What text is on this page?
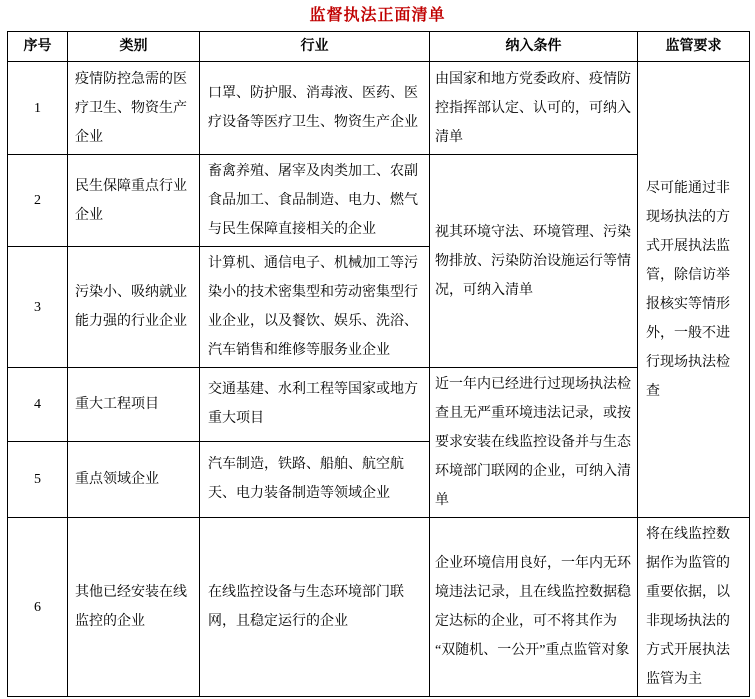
监督执法正面清单
序号	类别	行业	纳入条件	监管要求
1	疫情防控急需的医疗卫生、物资生产企业	口罩、防护服、消毒液、医药、医疗设备等医疗卫生、物资生产企业	由国家和地方党委政府、疫情防控指挥部认定、认可的，可纳入清单	尽可能通过非现场执法的方式开展执法监管，除信访举报核实等情形外，一般不进行现场执法检查
2	民生保障重点行业企业	畜禽养殖、屠宰及肉类加工、农副食品加工、食品制造、电力、燃气与民生保障直接相关的企业	视其环境守法、环境管理、污染物排放、污染防治设施运行等情况，可纳入清单	
3	污染小、吸纳就业能力强的行业企业	计算机、通信电子、机械加工等污染小的技术密集型和劳动密集型行业企业，以及餐饮、娱乐、洗浴、汽车销售和维修等服务业企业		
4	重大工程项目	交通基建、水利工程等国家或地方重大项目	近一年内已经进行过现场执法检查且无严重环境违法记录，或按要求安装在线监控设备并与生态环境部门联网的企业，可纳入清单	
5	重点领域企业	汽车制造，铁路、船舶、航空航天、电力装备制造等领域企业		
6	其他已经安装在线监控的企业	在线监控设备与生态环境部门联网，且稳定运行的企业	企业环境信用良好，一年内无环境违法记录，且在线监控数据稳定达标的企业，可不将其作为“双随机、一公开”重点监管对象	将在线监控数据作为监管的重要依据，以非现场执法的方式开展执法监管为主
